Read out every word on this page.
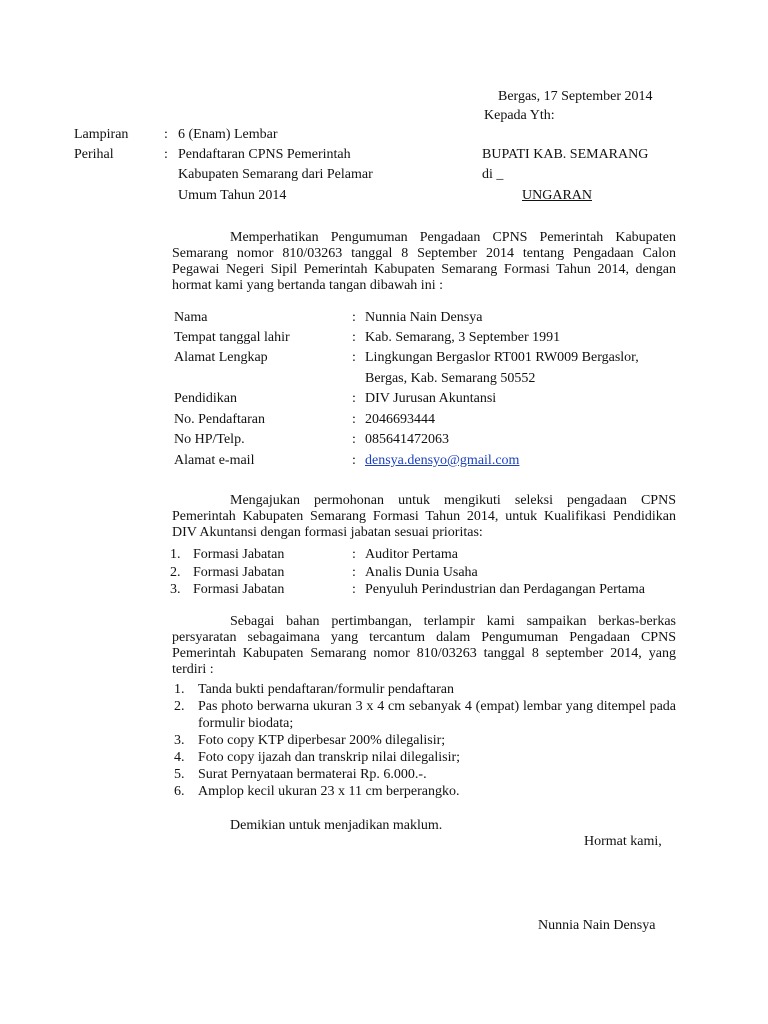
Bergas, 17 September 2014
Kepada Yth:
Lampiran	: 6 (Enam) Lembar
Perihal	: Pendaftaran CPNS Pemerintah
Kabupaten Semarang dari Pelamar
Umum Tahun 2014
BUPATI KAB. SEMARANG
di _
UNGARAN

Memperhatikan Pengumuman Pengadaan CPNS Pemerintah Kabupaten Semarang nomor 810/03263 tanggal 8 September 2014 tentang Pengadaan Calon Pegawai Negeri Sipil Pemerintah Kabupaten Semarang Formasi Tahun 2014, dengan hormat kami yang bertanda tangan dibawah ini :

Nama	: Nunnia Nain Densya
Tempat tanggal lahir	: Kab. Semarang, 3 September 1991
Alamat Lengkap	: Lingkungan Bergaslor RT001 RW009 Bergaslor,
Bergas, Kab. Semarang 50552
Pendidikan	: DIV Jurusan Akuntansi
No. Pendaftaran	: 2046693444
No HP/Telp.	: 085641472063
Alamat e-mail	: densya.densyo@gmail.com

Mengajukan permohonan untuk mengikuti seleksi pengadaan CPNS Pemerintah Kabupaten Semarang Formasi Tahun 2014, untuk Kualifikasi Pendidikan DIV Akuntansi dengan formasi jabatan sesuai prioritas:

1. Formasi Jabatan	: Auditor Pertama
2. Formasi Jabatan	: Analis Dunia Usaha
3. Formasi Jabatan	: Penyuluh Perindustrian dan Perdagangan Pertama

Sebagai bahan pertimbangan, terlampir kami sampaikan berkas-berkas persyaratan sebagaimana yang tercantum dalam Pengumuman Pengadaan CPNS Pemerintah Kabupaten Semarang nomor 810/03263 tanggal 8 september 2014, yang terdiri :

1. Tanda bukti pendaftaran/formulir pendaftaran
2. Pas photo berwarna ukuran 3 x 4 cm sebanyak 4 (empat) lembar yang ditempel pada formulir biodata;
3. Foto copy KTP diperbesar 200% dilegalisir;
4. Foto copy ijazah dan transkrip nilai dilegalisir;
5. Surat Pernyataan bermaterai Rp. 6.000.-.
6. Amplop kecil ukuran 23 x 11 cm berperangko.
Demikian untuk menjadikan maklum.
Hormat kami,
Nunnia Nain Densya
